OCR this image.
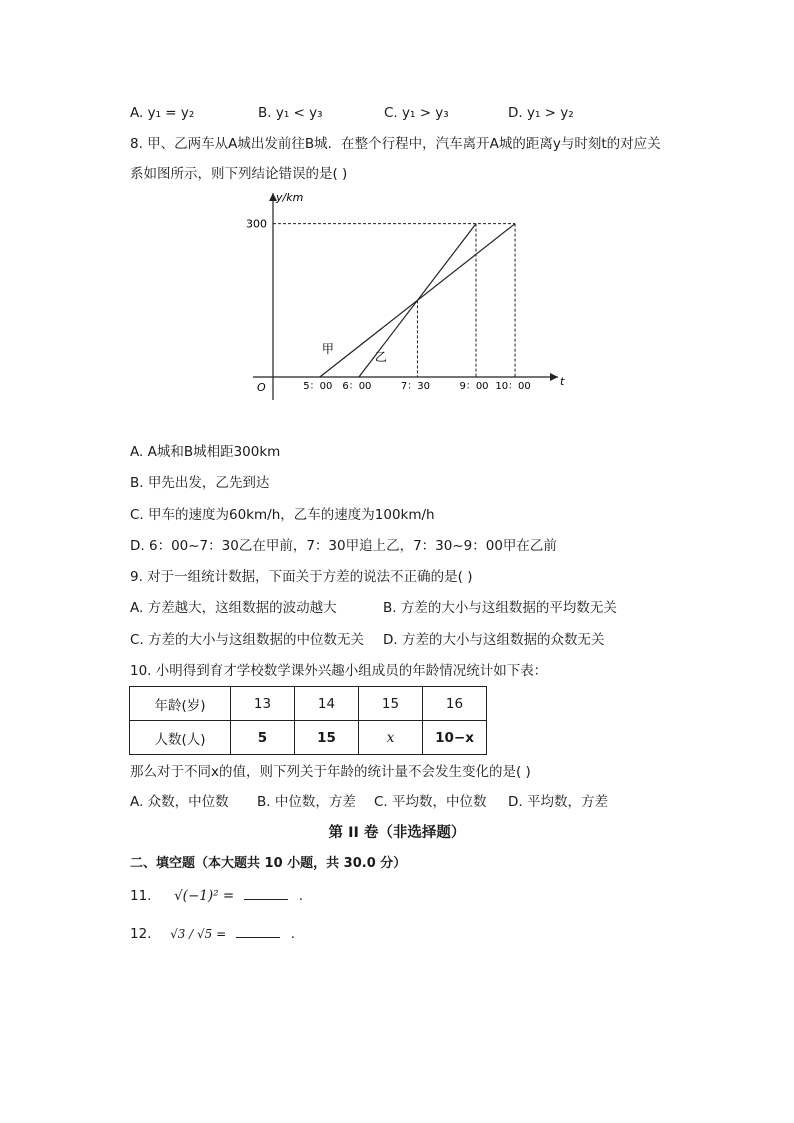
A. y₁ = y₂	B. y₁ < y₃	C. y₁ > y₃	D. y₁ > y₂
8. 甲、乙两车从A城出发前往B城．在整个行程中，汽车离开A城的距离y与时刻t的对应关
系如图所示，则下列结论错误的是( )
y/km
t
O
300
5：00 6：00	7：30	9：00 10：00
甲
乙
A. A城和B城相距300km
B. 甲先出发，乙先到达
C. 甲车的速度为60km/h，乙车的速度为100km/h
D. 6：00~7：30乙在甲前，7：30甲追上乙，7：30~9：00甲在乙前
9. 对于一组统计数据，下面关于方差的说法不正确的是( )
A. 方差越大，这组数据的波动越大	B. 方差的大小与这组数据的平均数无关
C. 方差的大小与这组数据的中位数无关 D. 方差的大小与这组数据的众数无关
10. 小明得到育才学校数学课外兴趣小组成员的年龄情况统计如下表：
年龄(岁)	13	14	15	16
人数(人)	5	15	x	10−x
那么对于不同x的值，则下列关于年龄的统计量不会发生变化的是( )
A. 众数，中位数 B. 中位数，方差 C. 平均数，中位数 D. 平均数，方差
第 II 卷（非选择题）
二、填空题（本大题共 10 小题，共 30.0 分）
11. √(−1)² =	.
12. √3 / √5 =	.
